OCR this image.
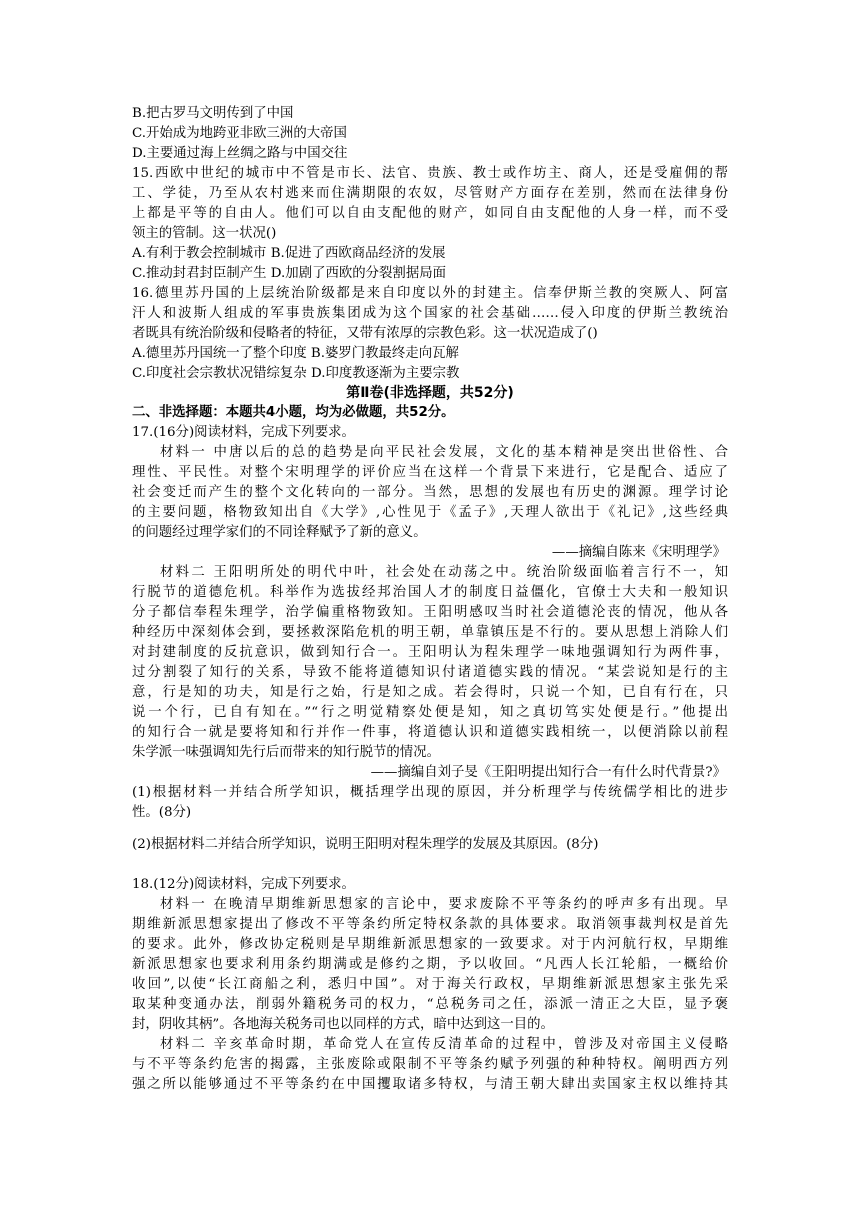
B.把古罗马文明传到了中国
C.开始成为地跨亚非欧三洲的大帝国
D.主要通过海上丝绸之路与中国交往
15.西欧中世纪的城市中不管是市长、法官、贵族、教士或作坊主、商人，还是受雇佣的帮
工、学徒，乃至从农村逃来而住满期限的农奴，尽管财产方面存在差别，然而在法律身份
上都是平等的自由人。他们可以自由支配他的财产，如同自由支配他的人身一样，而不受
领主的管制。这一状况()
A.有利于教会控制城市 B.促进了西欧商品经济的发展
C.推动封君封臣制产生 D.加剧了西欧的分裂割据局面
16.德里苏丹国的上层统治阶级都是来自印度以外的封建主。信奉伊斯兰教的突厥人、阿富
汗人和波斯人组成的军事贵族集团成为这个国家的社会基础……侵入印度的伊斯兰教统治
者既具有统治阶级和侵略者的特征，又带有浓厚的宗教色彩。这一状况造成了()
A.德里苏丹国统一了整个印度 B.婆罗门教最终走向瓦解
C.印度社会宗教状况错综复杂 D.印度教逐渐为主要宗教
第Ⅱ卷(非选择题，共52分)
二、非选择题：本题共4小题，均为必做题，共52分。
17.(16分)阅读材料，完成下列要求。
材料一 中唐以后的总的趋势是向平民社会发展，文化的基本精神是突出世俗性、合
理性、平民性。对整个宋明理学的评价应当在这样一个背景下来进行，它是配合、适应了
社会变迁而产生的整个文化转向的一部分。当然，思想的发展也有历史的渊源。理学讨论
的主要问题，格物致知出自《大学》,心性见于《孟子》,天理人欲出于《礼记》,这些经典
的问题经过理学家们的不同诠释赋予了新的意义。
——摘编自陈来《宋明理学》
材料二 王阳明所处的明代中叶，社会处在动荡之中。统治阶级面临着言行不一，知
行脱节的道德危机。科举作为选拔经邦治国人才的制度日益僵化，官僚士大夫和一般知识
分子都信奉程朱理学，治学偏重格物致知。王阳明感叹当时社会道德沦丧的情况，他从各
种经历中深刻体会到，要拯救深陷危机的明王朝，单靠镇压是不行的。要从思想上消除人们
对封建制度的反抗意识，做到知行合一。王阳明认为程朱理学一味地强调知行为两件事，
过分割裂了知行的关系，导致不能将道德知识付诸道德实践的情况。“某尝说知是行的主
意，行是知的功夫，知是行之始，行是知之成。若会得时，只说一个知，已自有行在，只
说一个行，已自有知在。”“行之明觉精察处便是知，知之真切笃实处便是行。”他提出
的知行合一就是要将知和行并作一件事，将道德认识和道德实践相统一，以便消除以前程
朱学派一味强调知先行后而带来的知行脱节的情况。
——摘编自刘子旻《王阳明提出知行合一有什么时代背景?》
(1)根据材料一并结合所学知识，概括理学出现的原因，并分析理学与传统儒学相比的进步
性。(8分)
(2)根据材料二并结合所学知识，说明王阳明对程朱理学的发展及其原因。(8分)
18.(12分)阅读材料，完成下列要求。
材料一 在晚清早期维新思想家的言论中，要求废除不平等条约的呼声多有出现。早
期维新派思想家提出了修改不平等条约所定特权条款的具体要求。取消领事裁判权是首先
的要求。此外，修改协定税则是早期维新派思想家的一致要求。对于内河航行权，早期维
新派思想家也要求利用条约期满或是修约之期，予以收回。“凡西人长江轮船，一概给价
收回”,以使“长江商船之利，悉归中国”。对于海关行政权，早期维新派思想家主张先采
取某种变通办法，削弱外籍税务司的权力，“总税务司之任，添派一清正之大臣，显予褒
封，阴收其柄”。各地海关税务司也以同样的方式，暗中达到这一目的。
材料二 辛亥革命时期，革命党人在宣传反清革命的过程中，曾涉及对帝国主义侵略
与不平等条约危害的揭露，主张废除或限制不平等条约赋予列强的种种特权。阐明西方列
强之所以能够通过不平等条约在中国攫取诸多特权，与清王朝大肆出卖国家主权以维持其
